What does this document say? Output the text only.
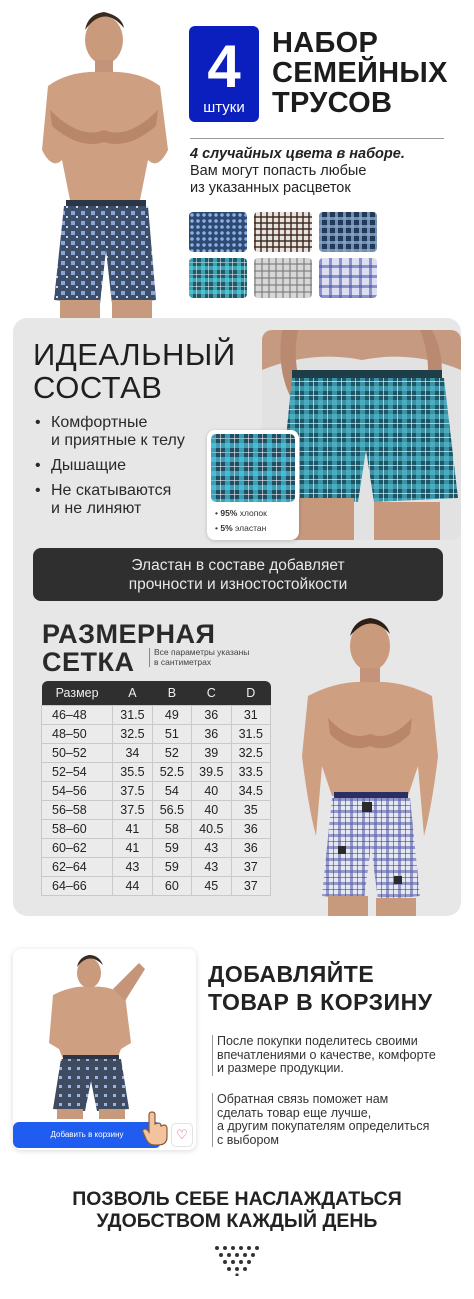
4
штуки
НАБОР
СЕМЕЙНЫХ
ТРУСОВ
4 случайных цвета в наборе.
Вам могут попасть любые
из указанных расцветок
ИДЕАЛЬНЫЙ
СОСТАВ
• Комфортные
и приятные к телу
• Дышащие
• Не скатываются
и не линяют	• 95% хлопок
• 5% эластан
Эластан в составе добавляет
прочности и изностостойкости
РАЗМЕРНАЯ
СЕТКА	Все параметры указаны
в сантиметрах
Размер	A	B	C	D
46–48	31.5	49	36	31
48–50	32.5	51	36	31.5
50–52	34	52	39	32.5
52–54	35.5	52.5	39.5	33.5
54–56	37.5	54	40	34.5
56–58	37.5	56.5	40	35
58–60	41	58	40.5	36
60–62	41	59	43	36
62–64	43	59	43	37
64–66	44	60	45	37
Добавить в корзину	♡
ДОБАВЛЯЙТЕ
ТОВАР В КОРЗИНУ
После покупки поделитесь своими
впечатлениями о качестве, комфорте
и размере продукции.
Обратная связь поможет нам
сделать товар еще лучше,
а другим покупателям определиться
с выбором
ПОЗВОЛЬ СЕБЕ НАСЛАЖДАТЬСЯ
УДОБСТВОМ КАЖДЫЙ ДЕНЬ
